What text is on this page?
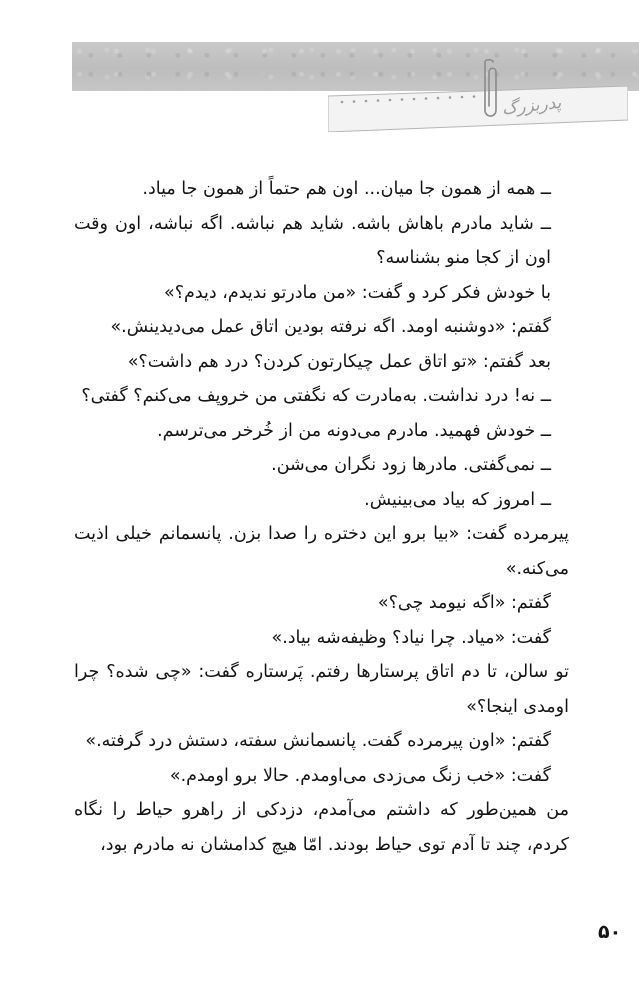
پدربزرگ

ــ همه از همون جا میان... اون هم حتماً از همون جا میاد.

ــ شاید مادرم باهاش باشه. شاید هم نباشه. اگه نباشه، اون وقت اون از کجا منو بشناسه؟

با خودش فکر کرد و گفت: «من مادرتو ندیدم، دیدم؟»

گفتم: «دوشنبه اومد. اگه نرفته بودین اتاق عمل می‌دیدینش.»

بعد گفتم: «تو اتاق عمل چیکارتون کردن؟ درد هم داشت؟»

ــ نه! درد نداشت. به‌مادرت که نگفتی من خروپف می‌کنم؟ گفتی؟

ــ خودش فهمید. مادرم می‌دونه من از خُرخر می‌ترسم.

ــ نمی‌گفتی. مادرها زود نگران می‌شن.

ــ امروز که بیاد می‌بینیش.

پیرمرده گفت: «بیا برو این دختره را صدا بزن. پانسمانم خیلی اذیت می‌کنه.»

گفتم: «اگه نیومد چی؟»

گفت: «میاد. چرا نیاد؟ وظیفه‌شه بیاد.»

تو سالن، تا دم اتاق پرستارها رفتم. پَرستاره گفت: «چی شده؟ چرا اومدی اینجا؟»

گفتم: «اون پیرمرده گفت. پانسمانش سفته، دستش درد گرفته.»

گفت: «خب زنگ می‌زدی می‌اومدم. حالا برو اومدم.»

من همین‌طور که داشتم می‌آمدم، دزدکی از راهرو حیاط را نگاه کردم، چند تا آدم توی حیاط بودند. امّا هیچ کدامشان نه مادرم بود،

۵۰
